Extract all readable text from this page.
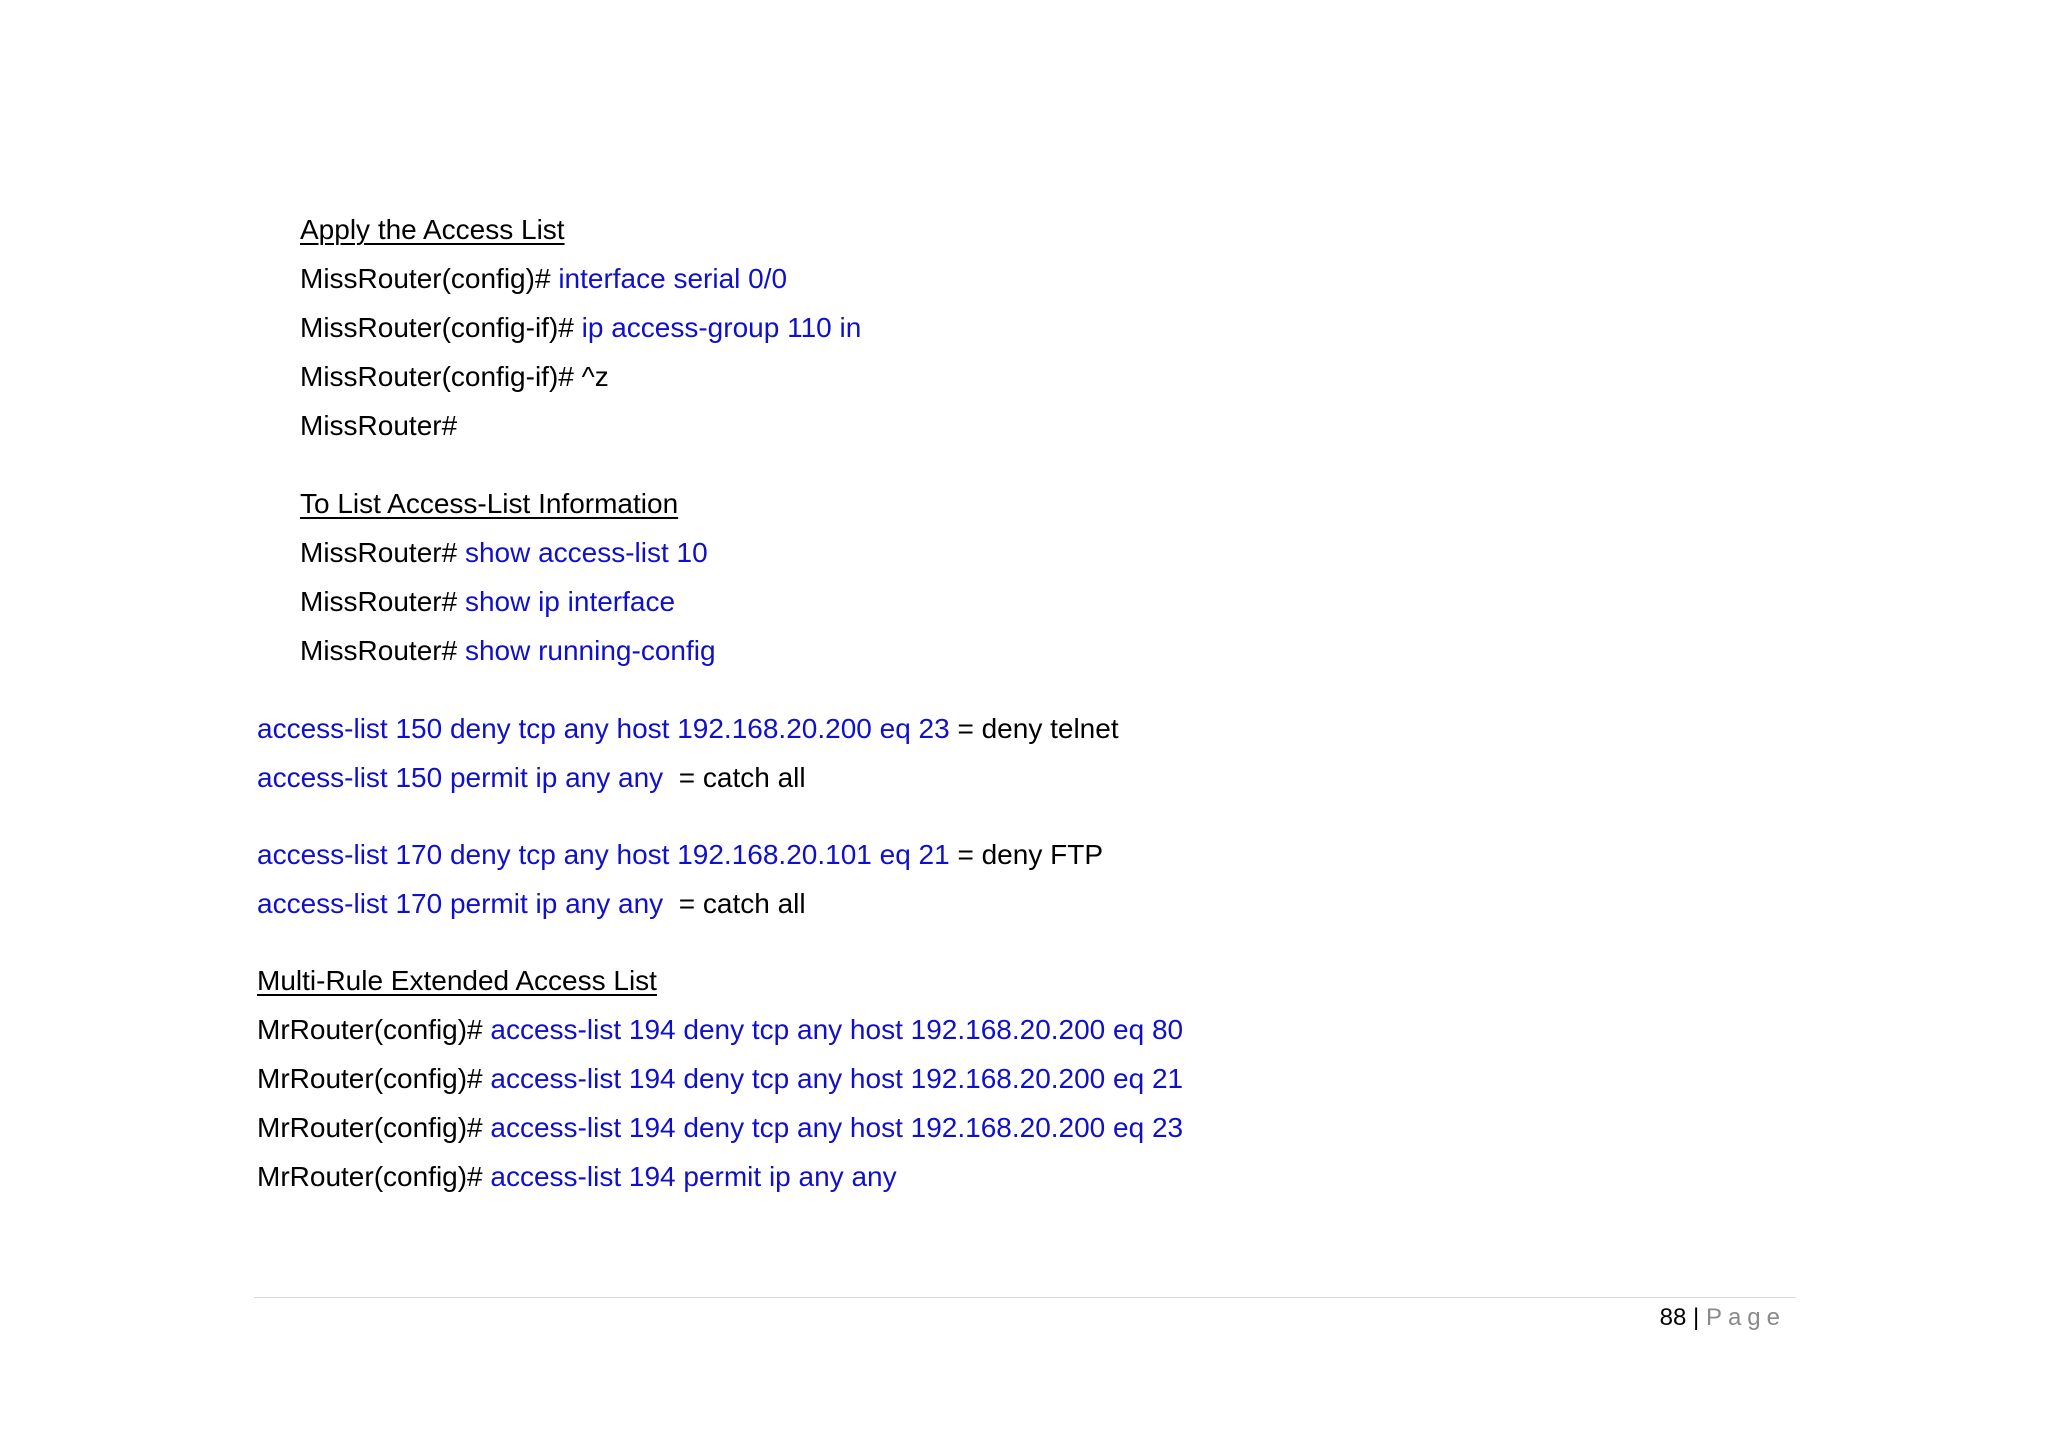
Apply the Access List
MissRouter(config)# interface serial 0/0
MissRouter(config-if)# ip access-group 110 in
MissRouter(config-if)# ^z
MissRouter#
To List Access-List Information
MissRouter# show access-list 10
MissRouter# show ip interface
MissRouter# show running-config
access-list 150 deny tcp any host 192.168.20.200 eq 23 = deny telnet
access-list 150 permit ip any any  = catch all
access-list 170 deny tcp any host 192.168.20.101 eq 21 = deny FTP
access-list 170 permit ip any any  = catch all
Multi-Rule Extended Access List
MrRouter(config)# access-list 194 deny tcp any host 192.168.20.200 eq 80
MrRouter(config)# access-list 194 deny tcp any host 192.168.20.200 eq 21
MrRouter(config)# access-list 194 deny tcp any host 192.168.20.200 eq 23
MrRouter(config)# access-list 194 permit ip any any
88 | Page
